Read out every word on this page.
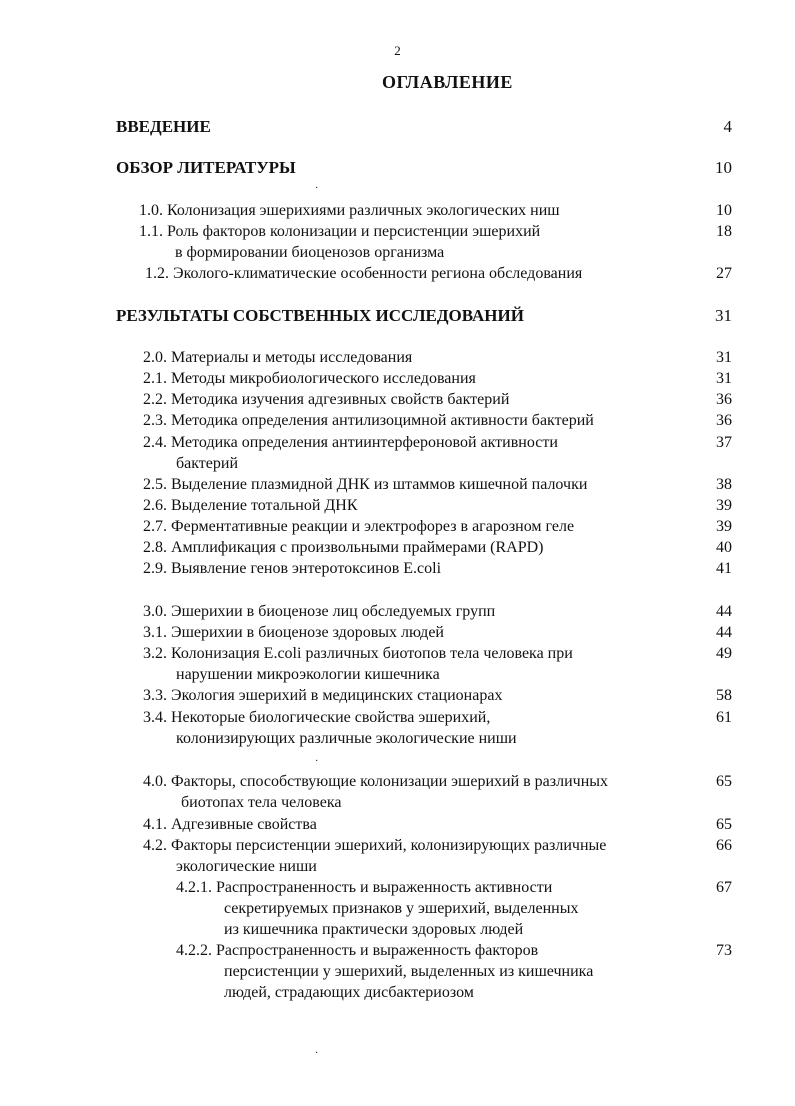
2
ОГЛАВЛЕНИЕ
ВВЕДЕНИЕ	4
ОБЗОР ЛИТЕРАТУРЫ	10
·
1.0. Колонизация эшерихиями различных экологических ниш	10
1.1. Роль факторов колонизации и персистенции эшерихий	18
в формировании биоценозов организма
1.2. Эколого-климатические особенности региона обследования	27
РЕЗУЛЬТАТЫ СОБСТВЕННЫХ ИССЛЕДОВАНИЙ	31
2.0. Материалы и методы исследования	31
2.1. Методы микробиологического исследования	31
2.2. Методика изучения адгезивных свойств бактерий	36
2.3. Методика определения антилизоцимной активности бактерий	36
2.4. Методика определения антиинтерфероновой активности	37
бактерий
2.5. Выделение плазмидной ДНК из штаммов кишечной палочки	38
2.6. Выделение тотальной ДНК	39
2.7. Ферментативные реакции и электрофорез в агарозном геле	39
2.8. Амплификация с произвольными праймерами (RAPD)	40
2.9. Выявление генов энтеротоксинов E.coli	41
3.0. Эшерихии в биоценозе лиц обследуемых групп	44
3.1. Эшерихии в биоценозе здоровых людей	44
3.2. Колонизация E.coli различных биотопов тела человека при	49
нарушении микроэкологии кишечника
3.3. Экология эшерихий в медицинских стационарах	58
3.4. Некоторые биологические свойства эшерихий,	61
колонизирующих различные экологические ниши
·
4.0. Факторы, способствующие колонизации эшерихий в различных	65
биотопах тела человека
4.1. Адгезивные свойства	65
4.2. Факторы персистенции эшерихий, колонизирующих различные	66
экологические ниши
4.2.1. Распространенность и выраженность активности	67
секретируемых признаков у эшерихий, выделенных
из кишечника практически здоровых людей
4.2.2. Распространенность и выраженность факторов	73
персистенции у эшерихий, выделенных из кишечника
людей, страдающих дисбактериозом
·
